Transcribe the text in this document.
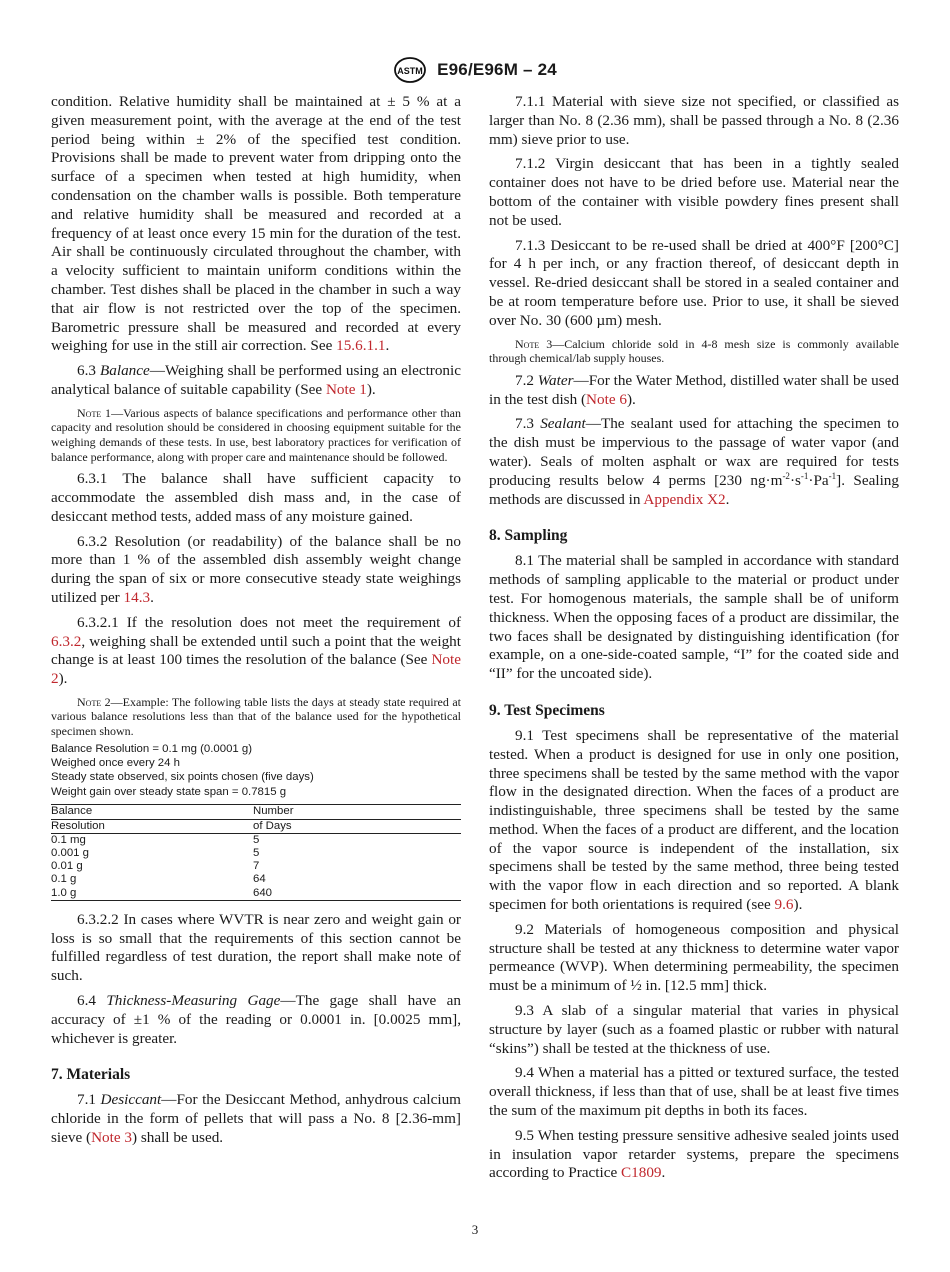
ASTM E96/E96M – 24

condition. Relative humidity shall be maintained at ± 5 % at a given measurement point, with the average at the end of the test period being within ± 2% of the specified test condition. Provisions shall be made to prevent water from dripping onto the surface of a specimen when tested at high humidity, when condensation on the chamber walls is possible. Both temperature and relative humidity shall be measured and recorded at a frequency of at least once every 15 min for the duration of the test. Air shall be continuously circulated throughout the chamber, with a velocity sufficient to maintain uniform conditions within the chamber. Test dishes shall be placed in the chamber in such a way that air flow is not restricted over the top of the specimen. Barometric pressure shall be measured and recorded at every weighing for use in the still air correction. See 15.6.1.1.

6.3 Balance—Weighing shall be performed using an electronic analytical balance of suitable capability (See Note 1).

Note 1—Various aspects of balance specifications and performance other than capacity and resolution should be considered in choosing equipment suitable for the weighing demands of these tests. In use, best laboratory practices for verification of balance performance, along with proper care and maintenance should be followed.

6.3.1 The balance shall have sufficient capacity to accommodate the assembled dish mass and, in the case of desiccant method tests, added mass of any moisture gained.

6.3.2 Resolution (or readability) of the balance shall be no more than 1 % of the assembled dish assembly weight change during the span of six or more consecutive steady state weighings utilized per 14.3.

6.3.2.1 If the resolution does not meet the requirement of 6.3.2, weighing shall be extended until such a point that the weight change is at least 100 times the resolution of the balance (See Note 2).

Note 2—Example: The following table lists the days at steady state required at various balance resolutions less than that of the balance used for the hypothetical specimen shown.
Balance Resolution = 0.1 mg (0.0001 g)
Weighed once every 24 h
Steady state observed, six points chosen (five days)
Weight gain over steady state span = 0.7815 g
Balance	Number
Resolution	of Days
0.1 mg	5
0.001 g	5
0.01 g	7
0.1 g	64
1.0 g	640

6.3.2.2 In cases where WVTR is near zero and weight gain or loss is so small that the requirements of this section cannot be fulfilled regardless of test duration, the report shall make note of such.

6.4 Thickness-Measuring Gage—The gage shall have an accuracy of ±1 % of the reading or 0.0001 in. [0.0025 mm], whichever is greater.

7. Materials

7.1 Desiccant—For the Desiccant Method, anhydrous calcium chloride in the form of pellets that will pass a No. 8 [2.36-mm] sieve (Note 3) shall be used.

7.1.1 Material with sieve size not specified, or classified as larger than No. 8 (2.36 mm), shall be passed through a No. 8 (2.36 mm) sieve prior to use.

7.1.2 Virgin desiccant that has been in a tightly sealed container does not have to be dried before use. Material near the bottom of the container with visible powdery fines present shall not be used.

7.1.3 Desiccant to be re-used shall be dried at 400°F [200°C] for 4 h per inch, or any fraction thereof, of desiccant depth in vessel. Re-dried desiccant shall be stored in a sealed container and be at room temperature before use. Prior to use, it shall be sieved over No. 30 (600 µm) mesh.

Note 3—Calcium chloride sold in 4-8 mesh size is commonly available through chemical/lab supply houses.

7.2 Water—For the Water Method, distilled water shall be used in the test dish (Note 6).

7.3 Sealant—The sealant used for attaching the specimen to the dish must be impervious to the passage of water vapor (and water). Seals of molten asphalt or wax are required for tests producing results below 4 perms [230 $ng\cdot m^{-2}\cdot s^{-1}\cdot Pa^{-1}$]. Sealing methods are discussed in Appendix X2.

8. Sampling

8.1 The material shall be sampled in accordance with standard methods of sampling applicable to the material or product under test. For homogenous materials, the sample shall be of uniform thickness. When the opposing faces of a product are dissimilar, the two faces shall be designated by distinguishing identification (for example, on a one-side-coated sample, “I” for the coated side and “II” for the uncoated side).

9. Test Specimens

9.1 Test specimens shall be representative of the material tested. When a product is designed for use in only one position, three specimens shall be tested by the same method with the vapor flow in the designated direction. When the faces of a product are indistinguishable, three specimens shall be tested by the same method. When the faces of a product are different, and the location of the vapor source is independent of the installation, six specimens shall be tested by the same method, three being tested with the vapor flow in each direction and so reported. A blank specimen for both orientations is required (see 9.6).

9.2 Materials of homogeneous composition and physical structure shall be tested at any thickness to determine water vapor permeance (WVP). When determining permeability, the specimen must be a minimum of ½ in. [12.5 mm] thick.

9.3 A slab of a singular material that varies in physical structure by layer (such as a foamed plastic or rubber with natural “skins”) shall be tested at the thickness of use.

9.4 When a material has a pitted or textured surface, the tested overall thickness, if less than that of use, shall be at least five times the sum of the maximum pit depths in both its faces.

9.5 When testing pressure sensitive adhesive sealed joints used in insulation vapor retarder systems, prepare the specimens according to Practice C1809.

3
